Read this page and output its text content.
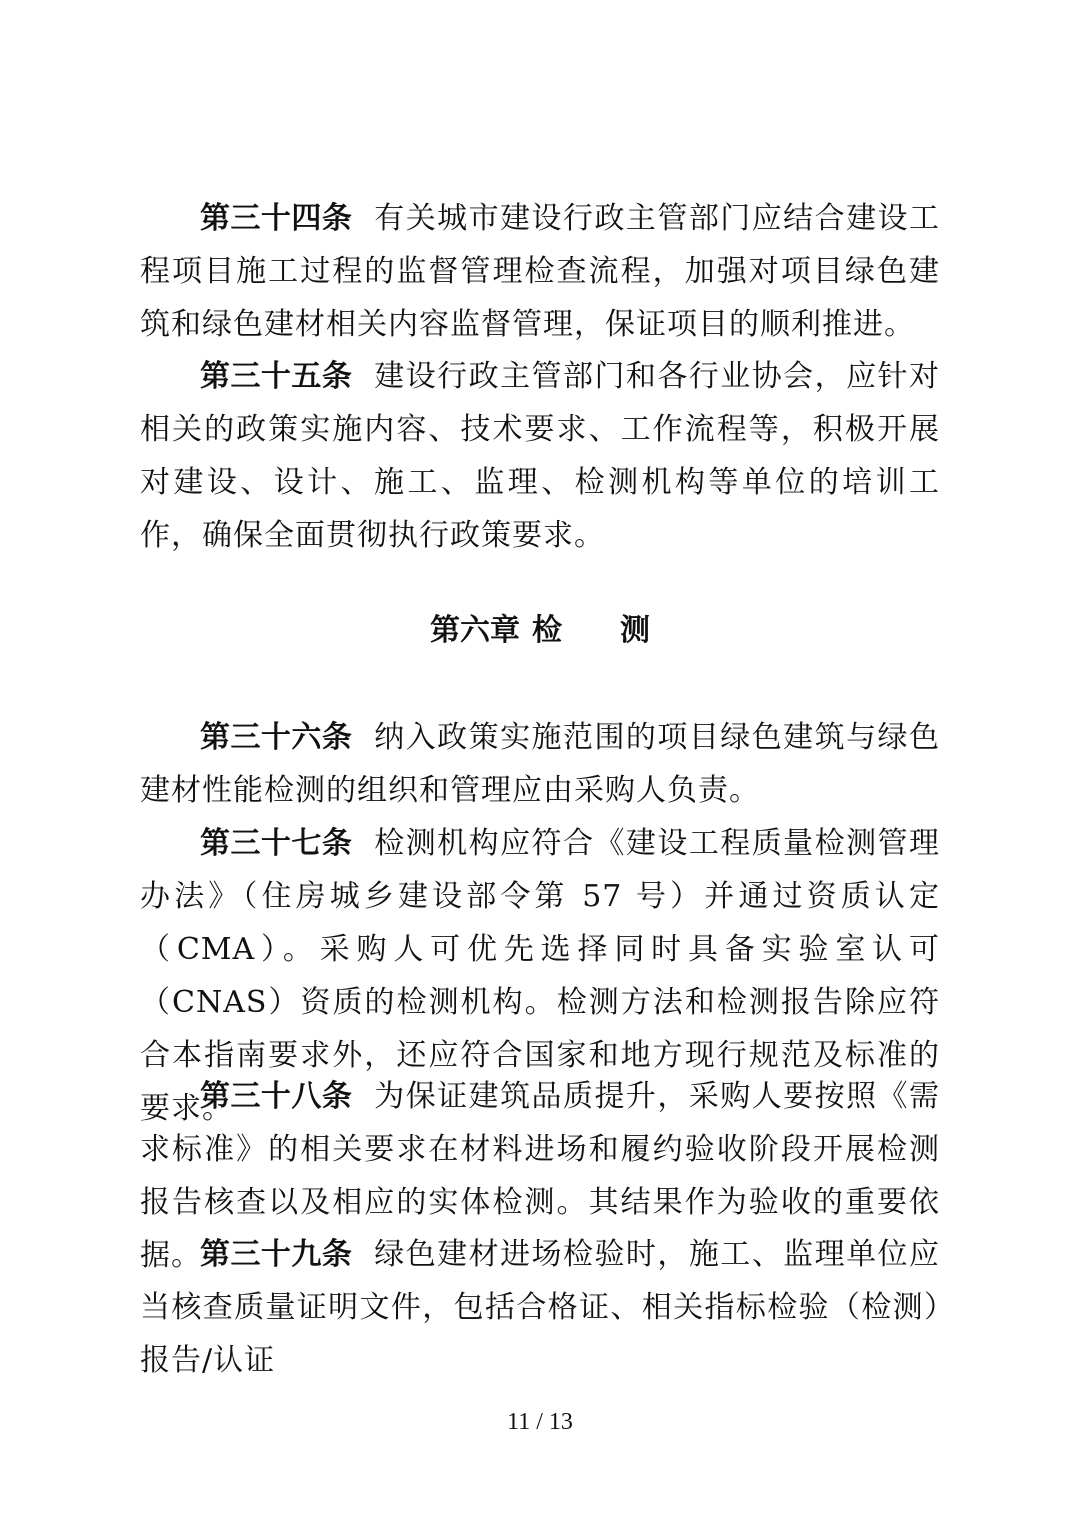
第三十四条 有关城市建设行政主管部门应结合建设工程项目施工过程的监督管理检查流程，加强对项目绿色建筑和绿色建材相关内容监督管理，保证项目的顺利推进。

第三十五条 建设行政主管部门和各行业协会，应针对相关的政策实施内容、技术要求、工作流程等，积极开展对建设、设计、施工、监理、检测机构等单位的培训工作，确保全面贯彻执行政策要求。

第六章 检 测

第三十六条 纳入政策实施范围的项目绿色建筑与绿色建材性能检测的组织和管理应由采购人负责。

第三十七条 检测机构应符合《建设工程质量检测管理办法》（住房城乡建设部令第 57 号）并通过资质认定（CMA）。采购人可优先选择同时具备实验室认可（CNAS）资质的检测机构。检测方法和检测报告除应符合本指南要求外，还应符合国家和地方现行规范及标准的要求。

第三十八条 为保证建筑品质提升，采购人要按照《需求标准》的相关要求在材料进场和履约验收阶段开展检测报告核查以及相应的实体检测。其结果作为验收的重要依据。

第三十九条 绿色建材进场检验时，施工、监理单位应当核查质量证明文件，包括合格证、相关指标检验（检测）报告/认证

11 / 13
